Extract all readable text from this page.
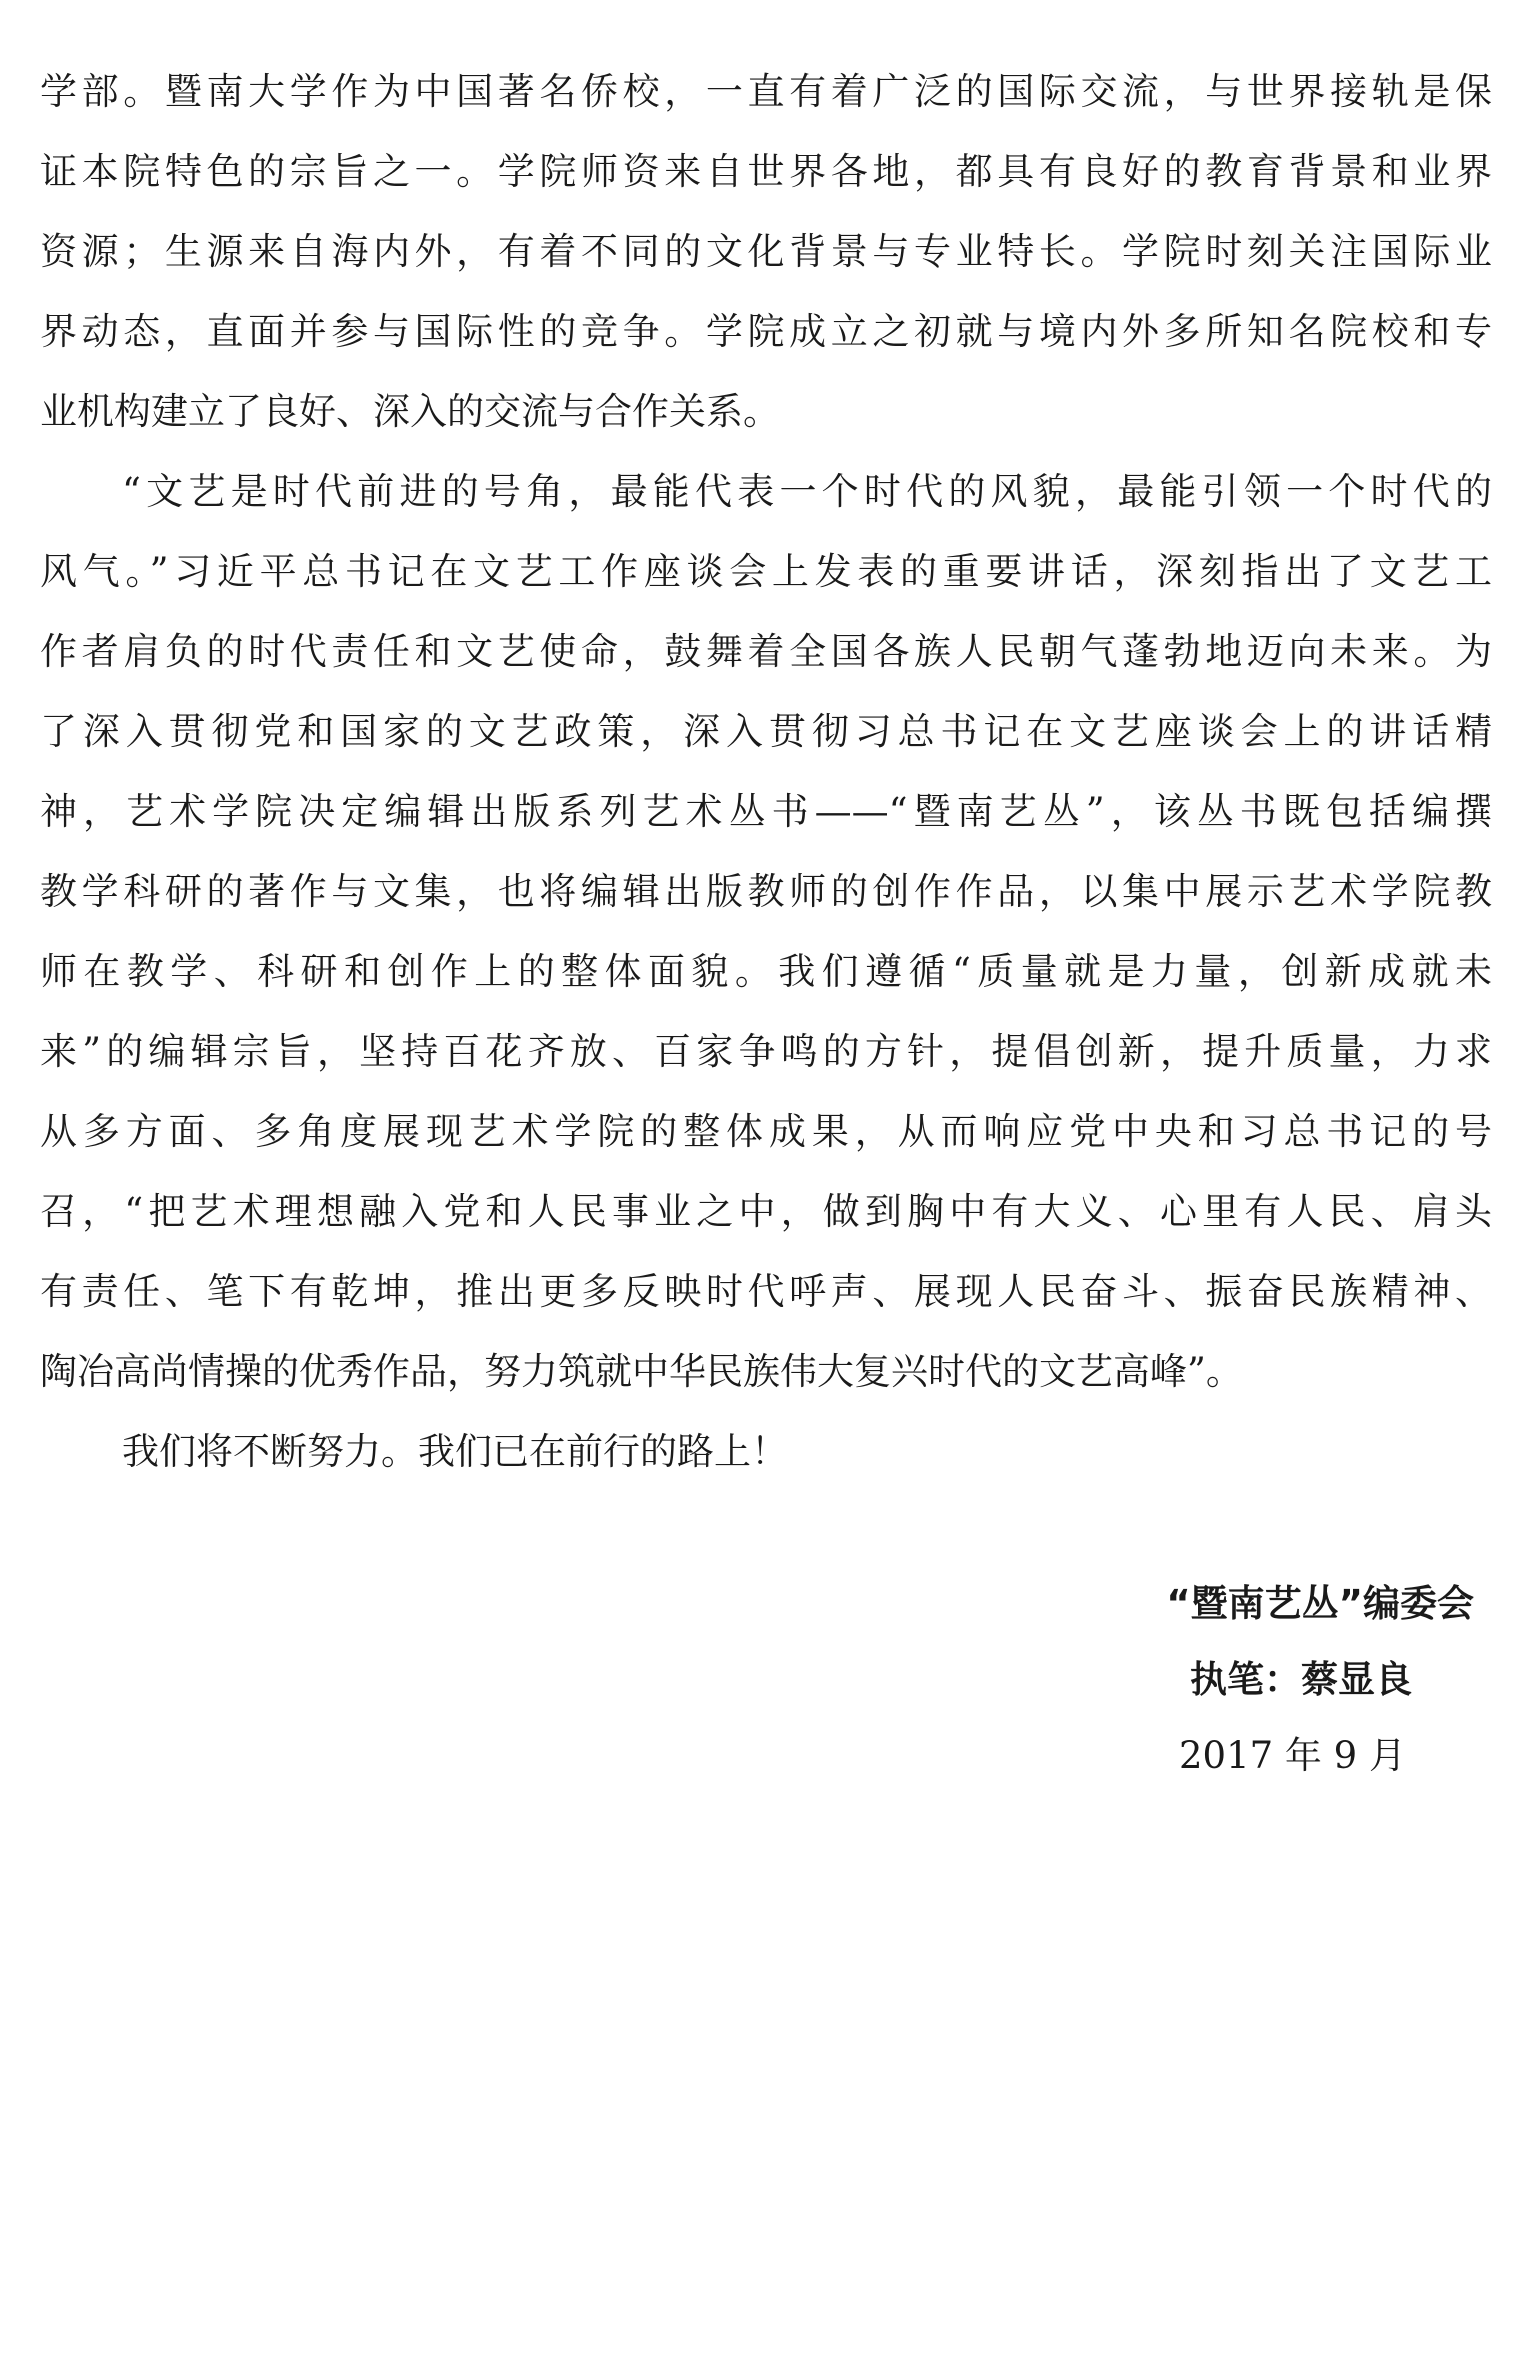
学部。暨南大学作为中国著名侨校，一直有着广泛的国际交流，与世界接轨是保
证本院特色的宗旨之一。学院师资来自世界各地，都具有良好的教育背景和业界
资源；生源来自海内外，有着不同的文化背景与专业特长。学院时刻关注国际业
界动态，直面并参与国际性的竞争。学院成立之初就与境内外多所知名院校和专
业机构建立了良好、深入的交流与合作关系。
“文艺是时代前进的号角，最能代表一个时代的风貌，最能引领一个时代的
风气。”习近平总书记在文艺工作座谈会上发表的重要讲话，深刻指出了文艺工
作者肩负的时代责任和文艺使命，鼓舞着全国各族人民朝气蓬勃地迈向未来。为
了深入贯彻党和国家的文艺政策，深入贯彻习总书记在文艺座谈会上的讲话精
神，艺术学院决定编辑出版系列艺术丛书——“暨南艺丛”，该丛书既包括编撰
教学科研的著作与文集，也将编辑出版教师的创作作品，以集中展示艺术学院教
师在教学、科研和创作上的整体面貌。我们遵循“质量就是力量，创新成就未
来”的编辑宗旨，坚持百花齐放、百家争鸣的方针，提倡创新，提升质量，力求
从多方面、多角度展现艺术学院的整体成果，从而响应党中央和习总书记的号
召，“把艺术理想融入党和人民事业之中，做到胸中有大义、心里有人民、肩头
有责任、笔下有乾坤，推出更多反映时代呼声、展现人民奋斗、振奋民族精神、
陶冶高尚情操的优秀作品，努力筑就中华民族伟大复兴时代的文艺高峰”。
我们将不断努力。我们已在前行的路上！
“暨南艺丛”编委会
执笔：蔡显良
2017 年 9 月
